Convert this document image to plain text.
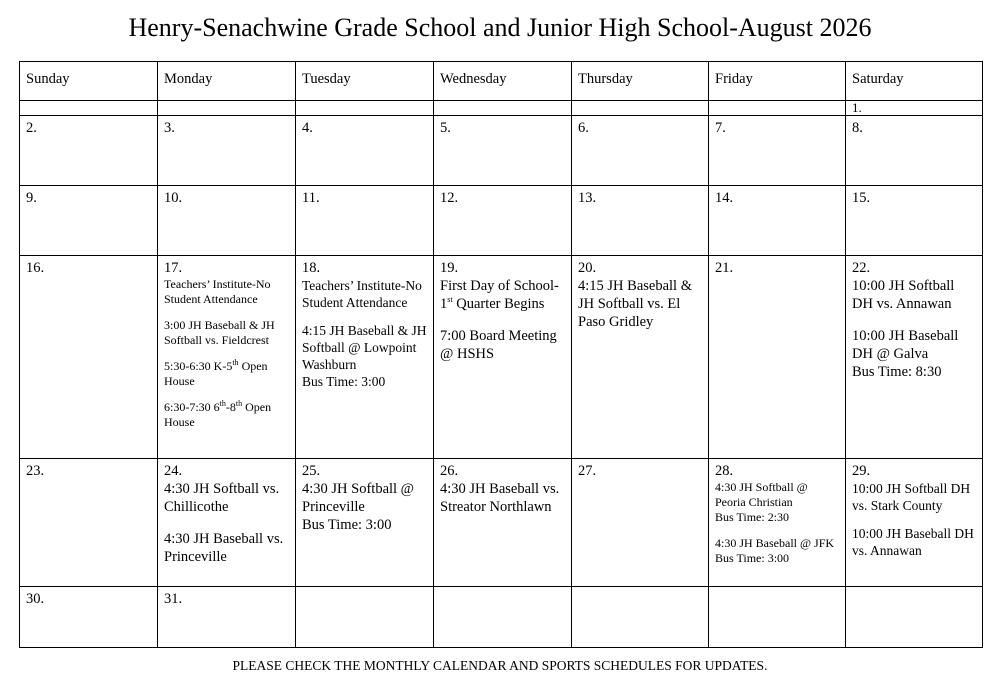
Henry-Senachwine Grade School and Junior High School-August 2026
Sunday	Monday	Tuesday	Wednesday	Thursday	Friday	Saturday

						1.

2.	3.	4.	5.	6.	7.	8.

9.	10.	11.	12.	13.	14.	15.

16.	17.
Teachers’ Institute-No Student Attendance
3:00 JH Baseball & JH Softball vs. Fieldcrest
5:30-6:30 K-5th Open House
6:30-7:30 6th-8th Open House	18.
Teachers’ Institute-No Student Attendance
4:15 JH Baseball & JH Softball @ Lowpoint Washburn
Bus Time: 3:00	19.
First Day of School-1st Quarter Begins
7:00 Board Meeting @ HSHS	20.
4:15 JH Baseball & JH Softball vs. El Paso Gridley	21.	22.
10:00 JH Softball DH vs. Annawan
10:00 JH Baseball DH @ Galva
Bus Time: 8:30

23.	24.
4:30 JH Softball vs. Chillicothe
4:30 JH Baseball vs. Princeville	25.
4:30 JH Softball @ Princeville
Bus Time: 3:00	26.
4:30 JH Baseball vs. Streator Northlawn	27.	28.
4:30 JH Softball @ Peoria Christian
Bus Time: 2:30
4:30 JH Baseball @ JFK
Bus Time: 3:00	29.
10:00 JH Softball DH vs. Stark County
10:00 JH Baseball DH vs. Annawan

30.	31.					

PLEASE CHECK THE MONTHLY CALENDAR AND SPORTS SCHEDULES FOR UPDATES.
